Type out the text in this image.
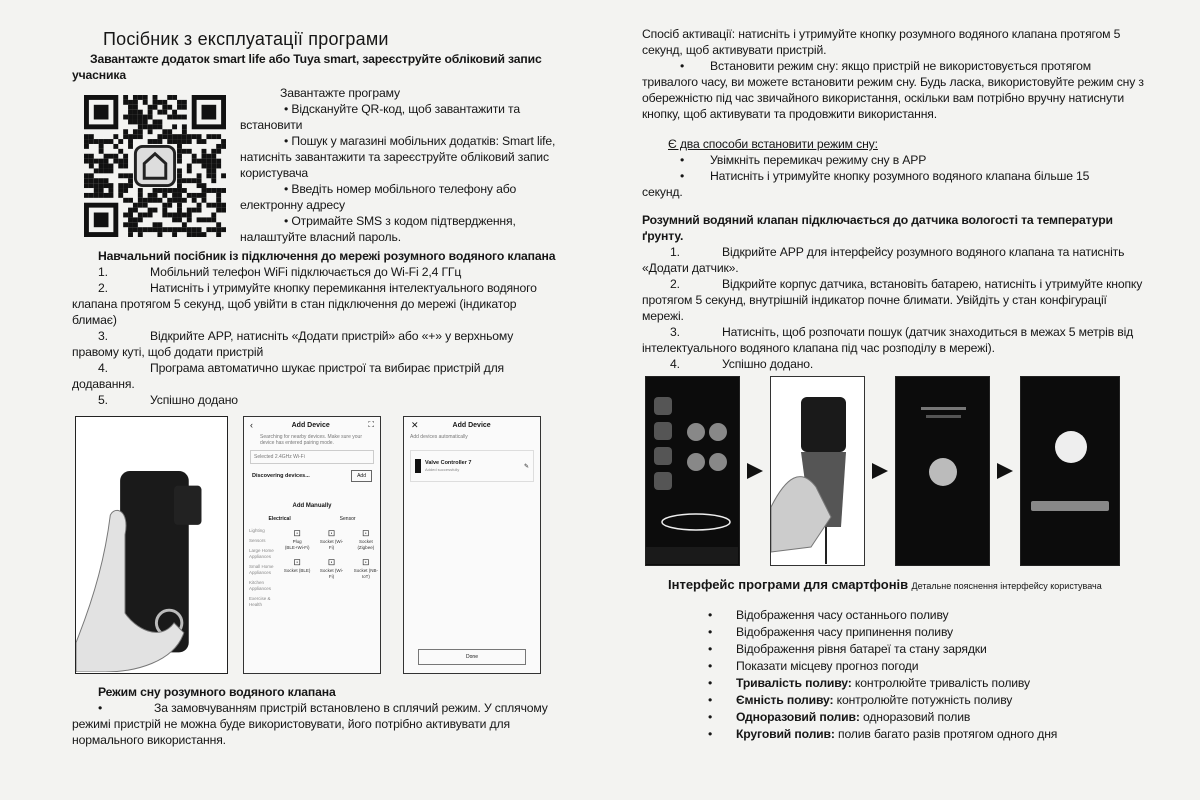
Посібник з експлуатації програми
Завантажте додаток smart life або Tuya smart, зареєструйте обліковий запис учасника
Завантажте програму
• Відскануйте QR-код, щоб завантажити та встановити
• Пошук у магазині мобільних додатків: Smart life, натисніть завантажити та зареєструйте обліковий запис користувача
• Введіть номер мобільного телефону або електронну адресу
• Отримайте SMS з кодом підтвердження, налаштуйте власний пароль.
Навчальний посібник із підключення до мережі розумного водяного клапана
1.	Мобільний телефон WiFi підключається до Wi-Fi 2,4 ГГц
2.	Натисніть і утримуйте кнопку перемикання інтелектуального водяного клапана протягом 5 секунд, щоб увійти в стан підключення до мережі (індикатор блимає)
3.	Відкрийте APP, натисніть «Додати пристрій» або «+» у верхньому правому куті, щоб додати пристрій
4.	Програма автоматично шукає пристрої та вибирає пристрій для додавання.
5.	Успішно додано
‹	Add Device	⛶
Searching for nearby devices. Make sure your device has entered pairing mode.
Selected 2.4GHz Wi-Fi
Discovering devices...	Add
Add Manually
Electrical	Sensor
Lighting
Sensors
Large Home Appliances
Small Home Appliances
Kitchen Appliances
Exercise & Health
⊡
Plug (BLE+Wi-Fi)
⊡
Socket (Wi-Fi)
⊡
Socket (Zigbee)
⊡
Socket (BLE)
⊡
Socket (Wi-Fi)
⊡
Socket (NB-IoT)
✕	Add Device
Add devices automatically
Valve Controller 7
Added successfully	✎
Done
Режим сну розумного водяного клапана
•	За замовчуванням пристрій встановлено в сплячий режим. У сплячому режимі пристрій не можна буде використовувати, його потрібно активувати для нормального використання.
Спосіб активації: натисніть і утримуйте кнопку розумного водяного клапана протягом 5 секунд, щоб активувати пристрій.
• Встановити режим сну: якщо пристрій не використовується протягом тривалого часу, ви можете встановити режим сну. Будь ласка, використовуйте режим сну з обережністю під час звичайного використання, оскільки вам потрібно вручну натиснути кнопку, щоб активувати та продовжити використання.
Є два способи встановити режим сну:
• Увімкніть перемикач режиму сну в APP
• Натисніть і утримуйте кнопку розумного водяного клапана більше 15 секунд.
Розумний водяний клапан підключається до датчика вологості та температури ґрунту.
1.	Відкрийте APP для інтерфейсу розумного водяного клапана та натисніть «Додати датчик».
2.	Відкрийте корпус датчика, встановіть батарею, натисніть і утримуйте кнопку протягом 5 секунд, внутрішній індикатор почне блимати. Увійдіть у стан конфігурації мережі.
3.	Натисніть, щоб розпочати пошук (датчик знаходиться в межах 5 метрів від інтелектуального водяного клапана під час розподілу в мережі).
4.	Успішно додано.
Інтерфейс програми для смартфонів Детальне пояснення інтерфейсу користувача
• Відображення часу останнього поливу
• Відображення часу припинення поливу
• Відображення рівня батареї та стану зарядки
• Показати місцеву прогноз погоди
• Тривалість поливу: контролюйте тривалість поливу
• Ємність поливу: контролюйте потужність поливу
• Одноразовий полив: одноразовий полив
• Круговий полив: полив багато разів протягом одного дня
